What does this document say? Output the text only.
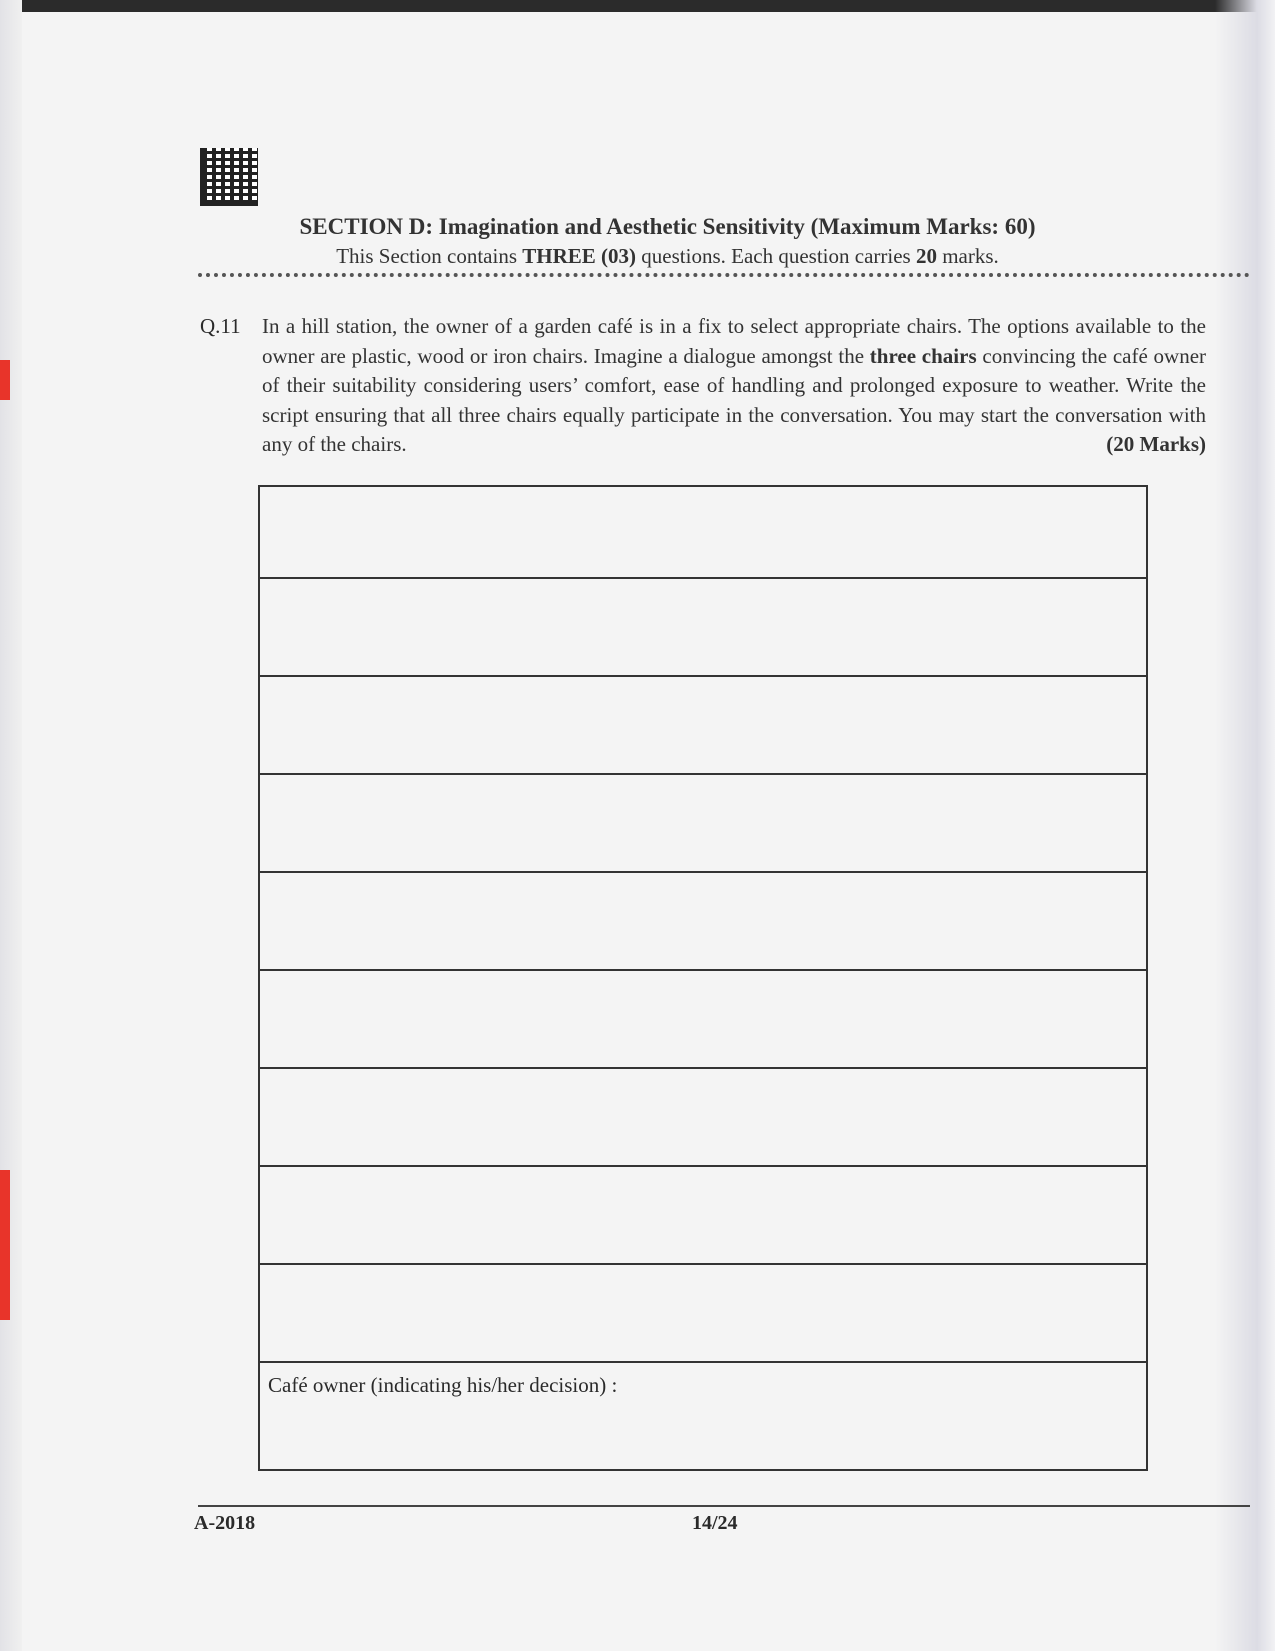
SECTION D: Imagination and Aesthetic Sensitivity (Maximum Marks: 60)
This Section contains THREE (03) questions. Each question carries 20 marks.
Q.11 In a hill station, the owner of a garden café is in a fix to select appropriate chairs. The options available to the owner are plastic, wood or iron chairs. Imagine a dialogue amongst the three chairs convincing the café owner of their suitability considering users’ comfort, ease of handling and prolonged exposure to weather. Write the script ensuring that all three chairs equally participate in the conversation. You may start the conversation with any of the chairs.	(20 Marks)
Café owner (indicating his/her decision) :
A-2018	14/24
